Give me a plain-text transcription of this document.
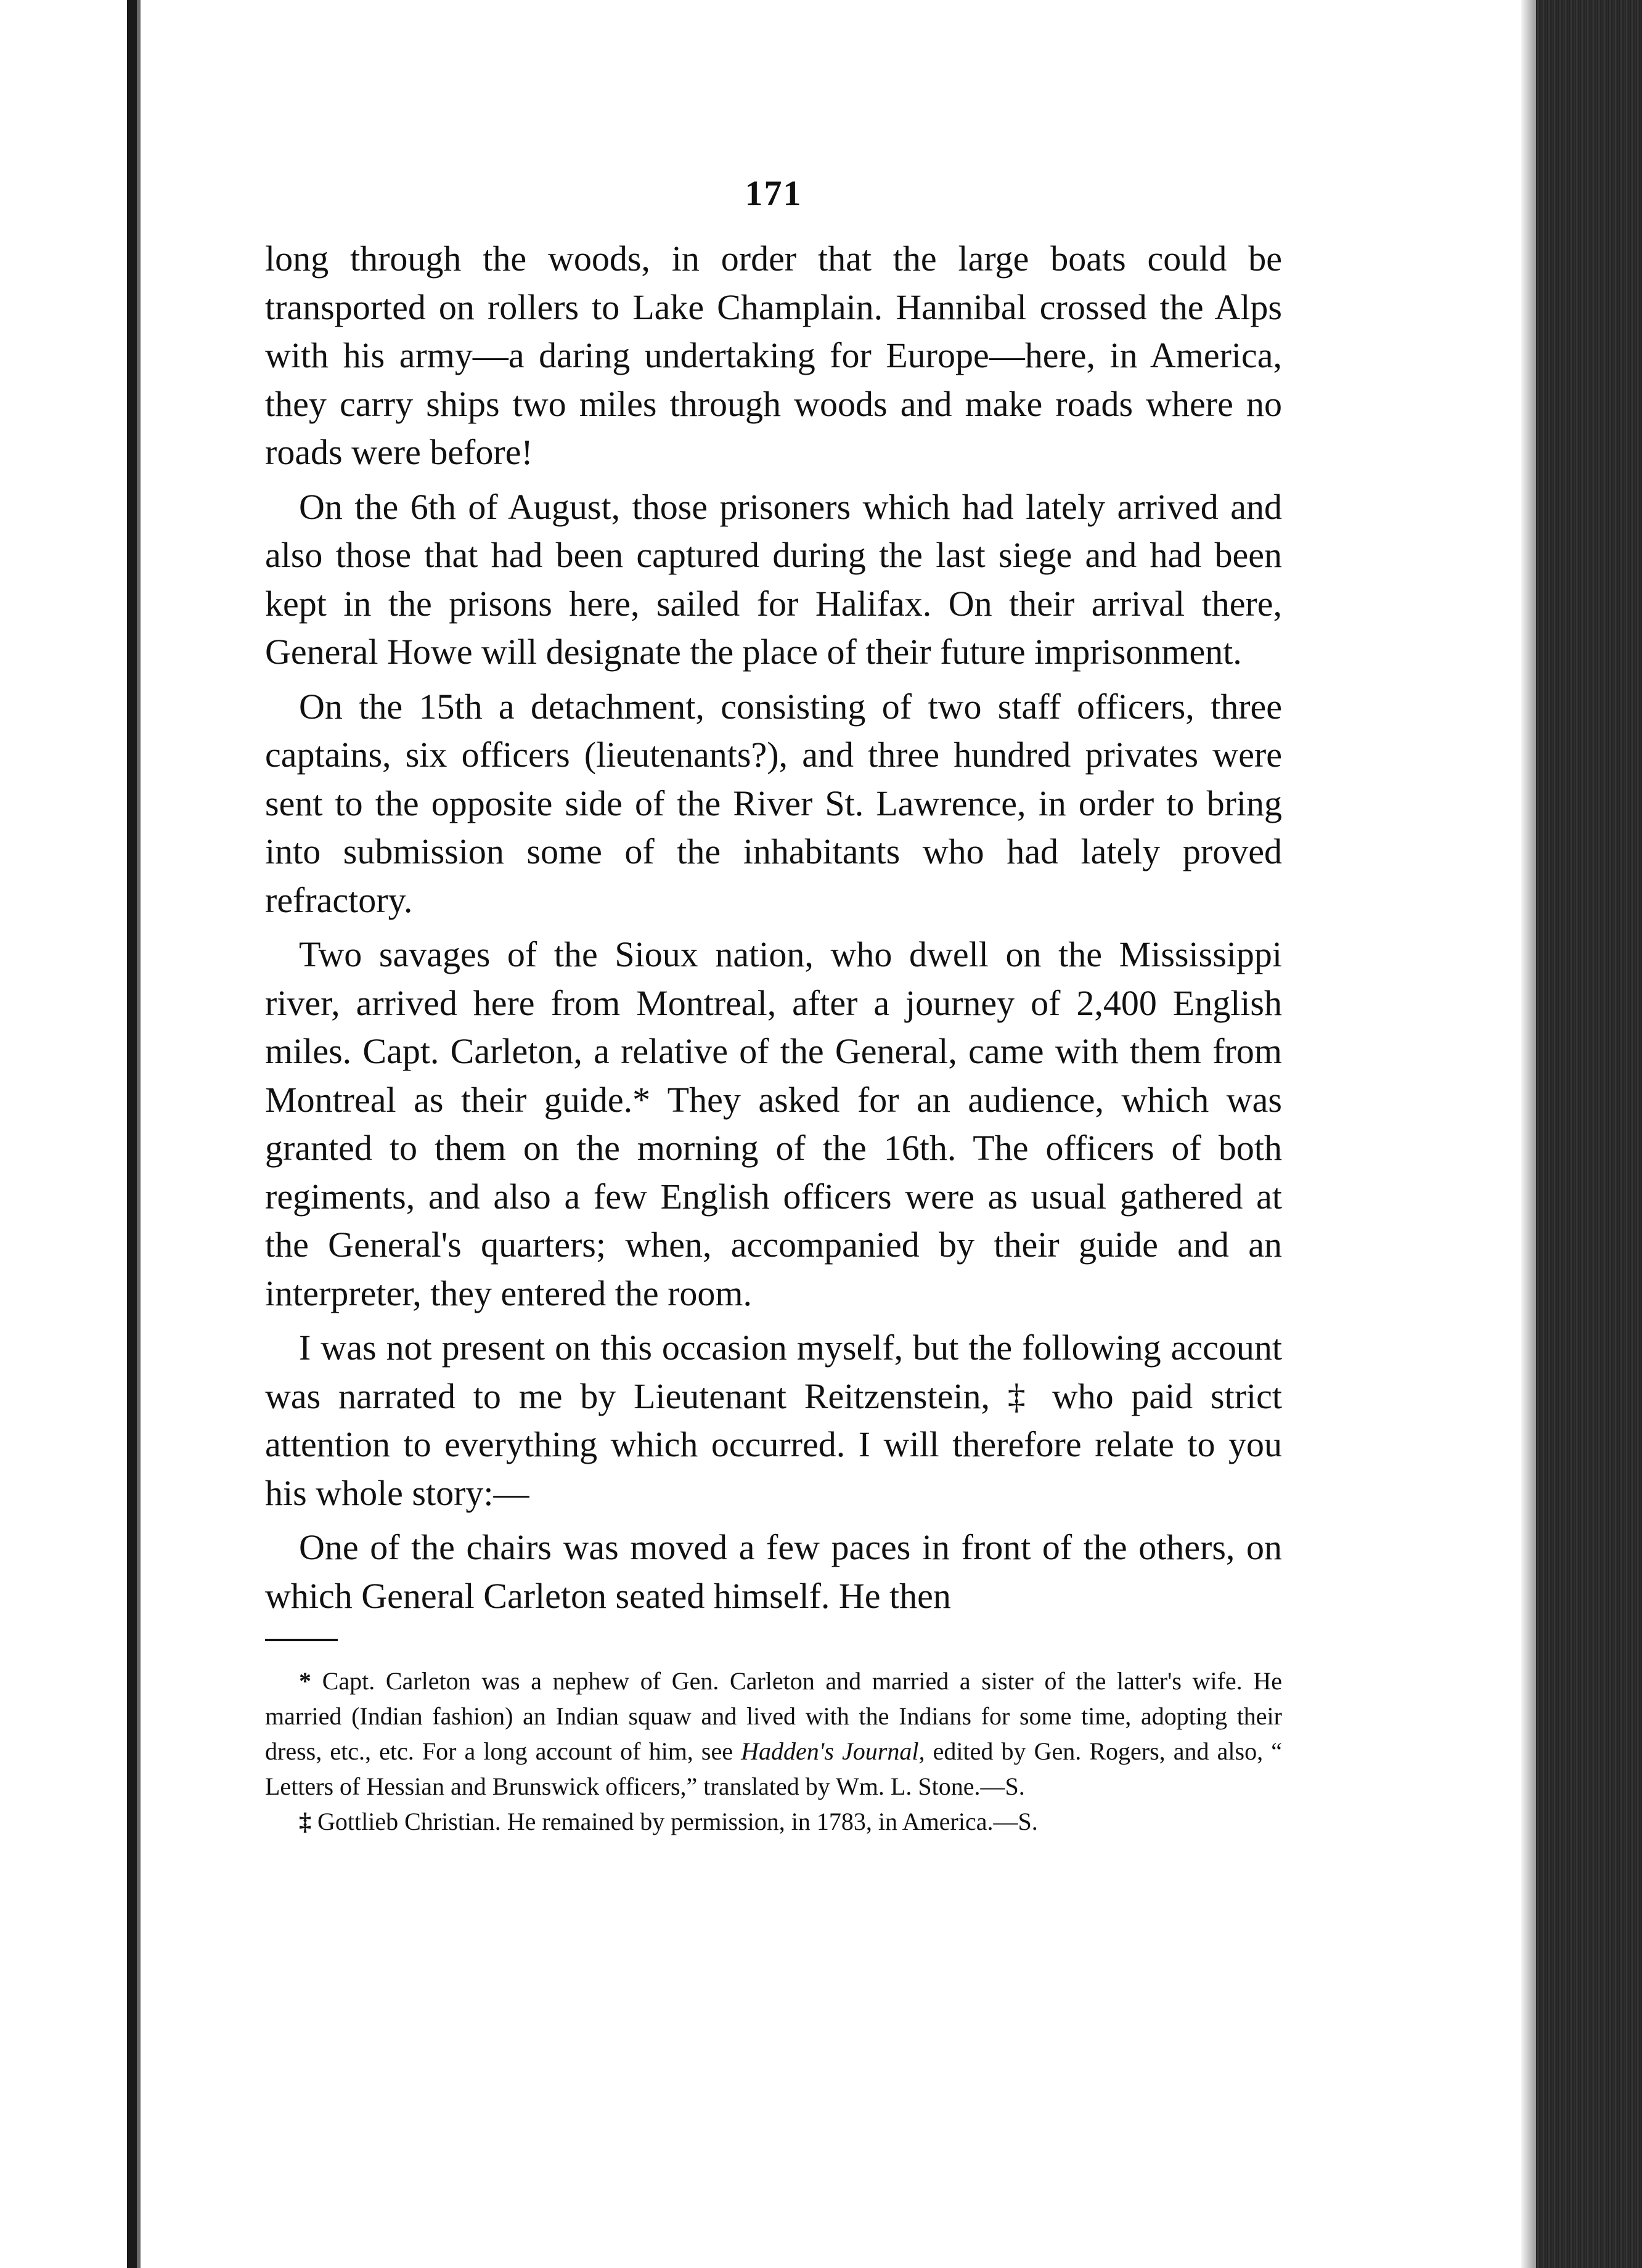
171

long through the woods, in order that the large boats could be transported on rollers to Lake Champlain. Hannibal crossed the Alps with his army—a daring undertaking for Europe—here, in America, they carry ships two miles through woods and make roads where no roads were before!

On the 6th of August, those prisoners which had lately arrived and also those that had been captured during the last siege and had been kept in the prisons here, sailed for Halifax. On their arrival there, General Howe will designate the place of their future imprisonment.

On the 15th a detachment, consisting of two staff officers, three captains, six officers (lieutenants?), and three hundred privates were sent to the opposite side of the River St. Lawrence, in order to bring into submission some of the inhabitants who had lately proved refractory.

Two savages of the Sioux nation, who dwell on the Mississippi river, arrived here from Montreal, after a journey of 2,400 English miles. Capt. Carleton, a relative of the General, came with them from Montreal as their guide.* They asked for an audience, which was granted to them on the morning of the 16th. The officers of both regiments, and also a few English officers were as usual gathered at the General's quarters; when, accompanied by their guide and an interpreter, they entered the room.

I was not present on this occasion myself, but the following account was narrated to me by Lieutenant Reitzenstein, ‡ who paid strict attention to everything which occurred. I will therefore relate to you his whole story:—

One of the chairs was moved a few paces in front of the others, on which General Carleton seated himself. He then

* Capt. Carleton was a nephew of Gen. Carleton and married a sister of the latter's wife. He married (Indian fashion) an Indian squaw and lived with the Indians for some time, adopting their dress, etc., etc. For a long account of him, see Hadden's Journal, edited by Gen. Rogers, and also, “ Letters of Hessian and Brunswick officers,” translated by Wm. L. Stone.—S.

‡ Gottlieb Christian. He remained by permission, in 1783, in America.—S.
